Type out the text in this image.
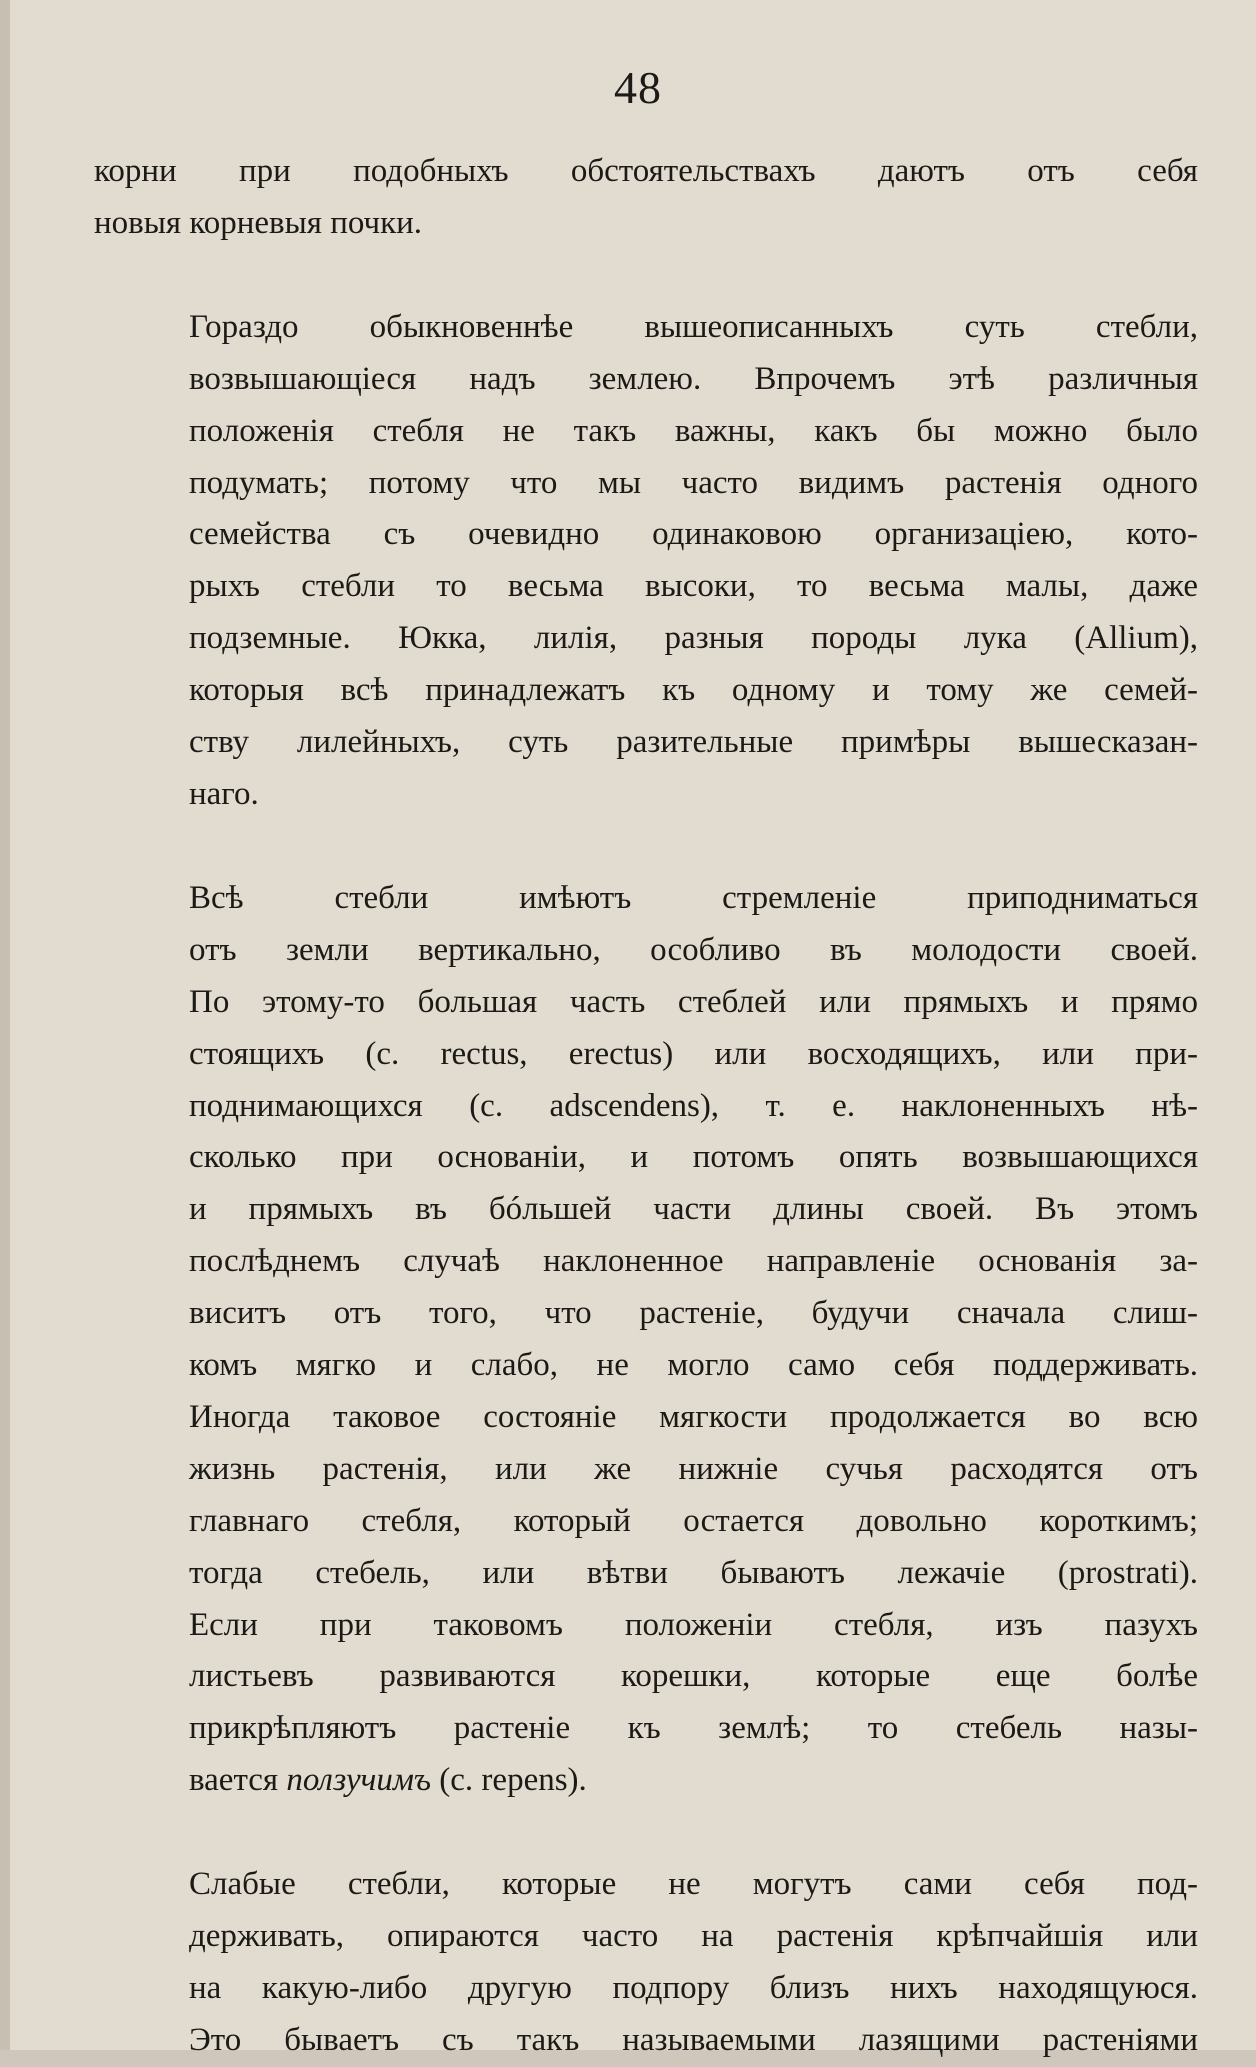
48

корни при подобныхъ обстоятельствахъ даютъ отъ себя
новыя корневыя почки.

Гораздо обыкновеннѣе вышеописанныхъ суть стебли,
возвышающіеся надъ землею. Впрочемъ этѣ различныя
положенія стебля не такъ важны, какъ бы можно было
подумать; потому что мы часто видимъ растенія одного
семейства съ очевидно одинаковою организаціею, кото-
рыхъ стебли то весьма высоки, то весьма малы, даже
подземные. Юкка, лилія, разныя породы лука (Allium),
которыя всѣ принадлежатъ къ одному и тому же семей-
ству лилейныхъ, суть разительные примѣры вышесказан-
наго.

Всѣ стебли имѣютъ стремленіе приподниматься
отъ земли вертикально, особливо въ молодости своей.
По этому-то большая часть стеблей или прямыхъ и прямо
стоящихъ (c. rectus, erectus) или восходящихъ, или при-
поднимающихся (c. adscendens), т. е. наклоненныхъ нѣ-
сколько при основаніи, и потомъ опять возвышающихся
и прямыхъ въ бóльшей части длины своей. Въ этомъ
послѣднемъ случаѣ наклоненное направленіе основанія за-
виситъ отъ того, что растеніе, будучи сначала слиш-
комъ мягко и слабо, не могло само себя поддерживать.
Иногда таковое состояніе мягкости продолжается во всю
жизнь растенія, или же нижніе сучья расходятся отъ
главнаго стебля, который остается довольно короткимъ;
тогда стебель, или вѣтви бываютъ лежачіе (prostrati).
Если при таковомъ положеніи стебля, изъ пазухъ
листьевъ развиваются корешки, которые еще болѣе
прикрѣпляютъ растеніе къ землѣ; то стебель назы-
вается ползучимъ (c. repens).

Слабые стебли, которые не могутъ сами себя под-
держивать, опираются часто на растенія крѣпчайшія или
на какую-либо другую подпору близъ нихъ находящуюся.
Это бываетъ съ такъ называемыми лазящими растеніями
